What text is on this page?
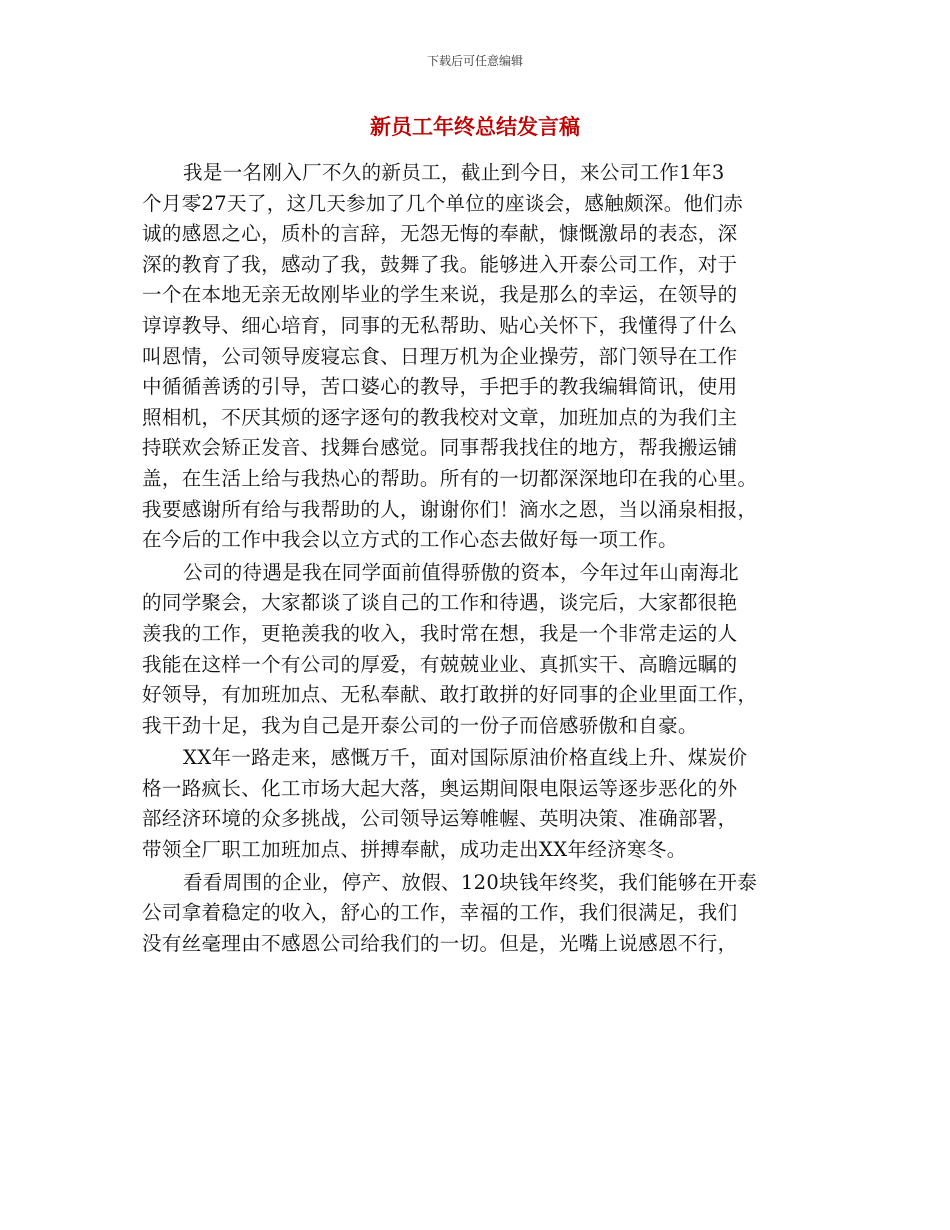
下载后可任意编辑
新员工年终总结发言稿
我是一名刚入厂不久的新员工，截止到今日，来公司工作1年3
个月零27天了，这几天参加了几个单位的座谈会，感触颇深。他们赤
诚的感恩之心，质朴的言辞，无怨无悔的奉献，慷慨激昂的表态，深
深的教育了我，感动了我，鼓舞了我。能够进入开泰公司工作，对于
一个在本地无亲无故刚毕业的学生来说，我是那么的幸运，在领导的
谆谆教导、细心培育，同事的无私帮助、贴心关怀下，我懂得了什么
叫恩情，公司领导废寝忘食、日理万机为企业操劳，部门领导在工作
中循循善诱的引导，苦口婆心的教导，手把手的教我编辑简讯，使用
照相机，不厌其烦的逐字逐句的教我校对文章，加班加点的为我们主
持联欢会矫正发音、找舞台感觉。同事帮我找住的地方，帮我搬运铺
盖，在生活上给与我热心的帮助。所有的一切都深深地印在我的心里。
我要感谢所有给与我帮助的人，谢谢你们！滴水之恩，当以涌泉相报，
在今后的工作中我会以立方式的工作心态去做好每一项工作。
公司的待遇是我在同学面前值得骄傲的资本，今年过年山南海北
的同学聚会，大家都谈了谈自己的工作和待遇，谈完后，大家都很艳
羡我的工作，更艳羡我的收入，我时常在想，我是一个非常走运的人
我能在这样一个有公司的厚爱，有兢兢业业、真抓实干、高瞻远瞩的
好领导，有加班加点、无私奉献、敢打敢拼的好同事的企业里面工作，
我干劲十足，我为自己是开泰公司的一份子而倍感骄傲和自豪。
XX年一路走来，感慨万千，面对国际原油价格直线上升、煤炭价
格一路疯长、化工市场大起大落，奥运期间限电限运等逐步恶化的外
部经济环境的众多挑战，公司领导运筹帷幄、英明决策、准确部署，
带领全厂职工加班加点、拼搏奉献，成功走出XX年经济寒冬。
看看周围的企业，停产、放假、120块钱年终奖，我们能够在开泰
公司拿着稳定的收入，舒心的工作，幸福的工作，我们很满足，我们
没有丝毫理由不感恩公司给我们的一切。但是，光嘴上说感恩不行，
